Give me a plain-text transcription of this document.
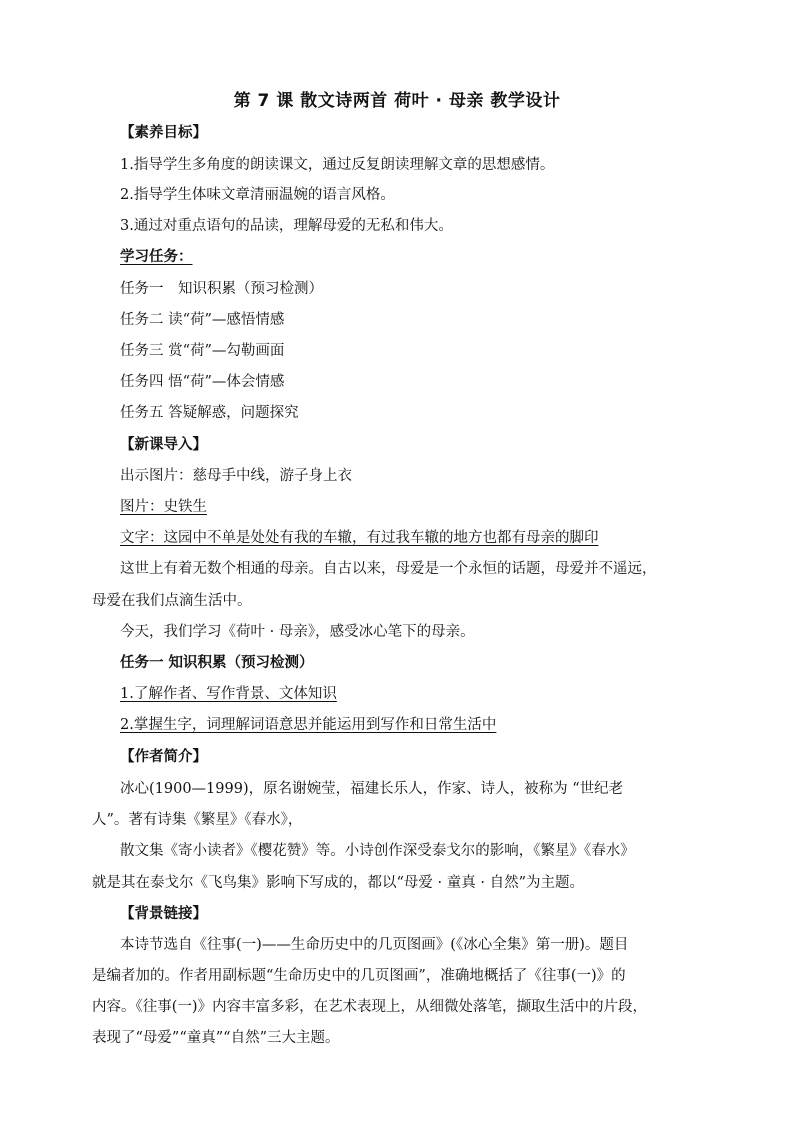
第 7 课 散文诗两首 荷叶 · 母亲 教学设计
【素养目标】
1.指导学生多角度的朗读课文，通过反复朗读理解文章的思想感情。
2.指导学生体味文章清丽温婉的语言风格。
3.通过对重点语句的品读，理解母爱的无私和伟大。
学习任务：
任务一　知识积累（预习检测）
任务二 读“荷”—感悟情感
任务三 赏“荷”—勾勒画面
任务四 悟“荷”—体会情感
任务五 答疑解惑，问题探究
【新课导入】
出示图片：慈母手中线，游子身上衣
图片：史铁生
文字：这园中不单是处处有我的车辙，有过我车辙的地方也都有母亲的脚印
这世上有着无数个相通的母亲。自古以来，母爱是一个永恒的话题，母爱并不遥远，
母爱在我们点滴生活中。
今天，我们学习《荷叶 · 母亲》，感受冰心笔下的母亲。
任务一 知识积累（预习检测）
1.了解作者、写作背景、文体知识
2.掌握生字，词理解词语意思并能运用到写作和日常生活中
【作者简介】
冰心(1900—1999)，原名谢婉莹，福建长乐人，作家、诗人，被称为 “世纪老
人”。著有诗集《繁星》《春水》，
散文集《寄小读者》《樱花赞》等。小诗创作深受泰戈尔的影响，《繁星》《春水》
就是其在泰戈尔《飞鸟集》影响下写成的，都以“母爱 · 童真 · 自然”为主题。
【背景链接】
本诗节选自《往事(一)——生命历史中的几页图画》(《冰心全集》第一册)。题目
是编者加的。作者用副标题“生命历史中的几页图画”，准确地概括了《往事(一)》的
内容。《往事(一)》内容丰富多彩，在艺术表现上，从细微处落笔，撷取生活中的片段，
表现了“母爱”“童真”“自然”三大主题。
